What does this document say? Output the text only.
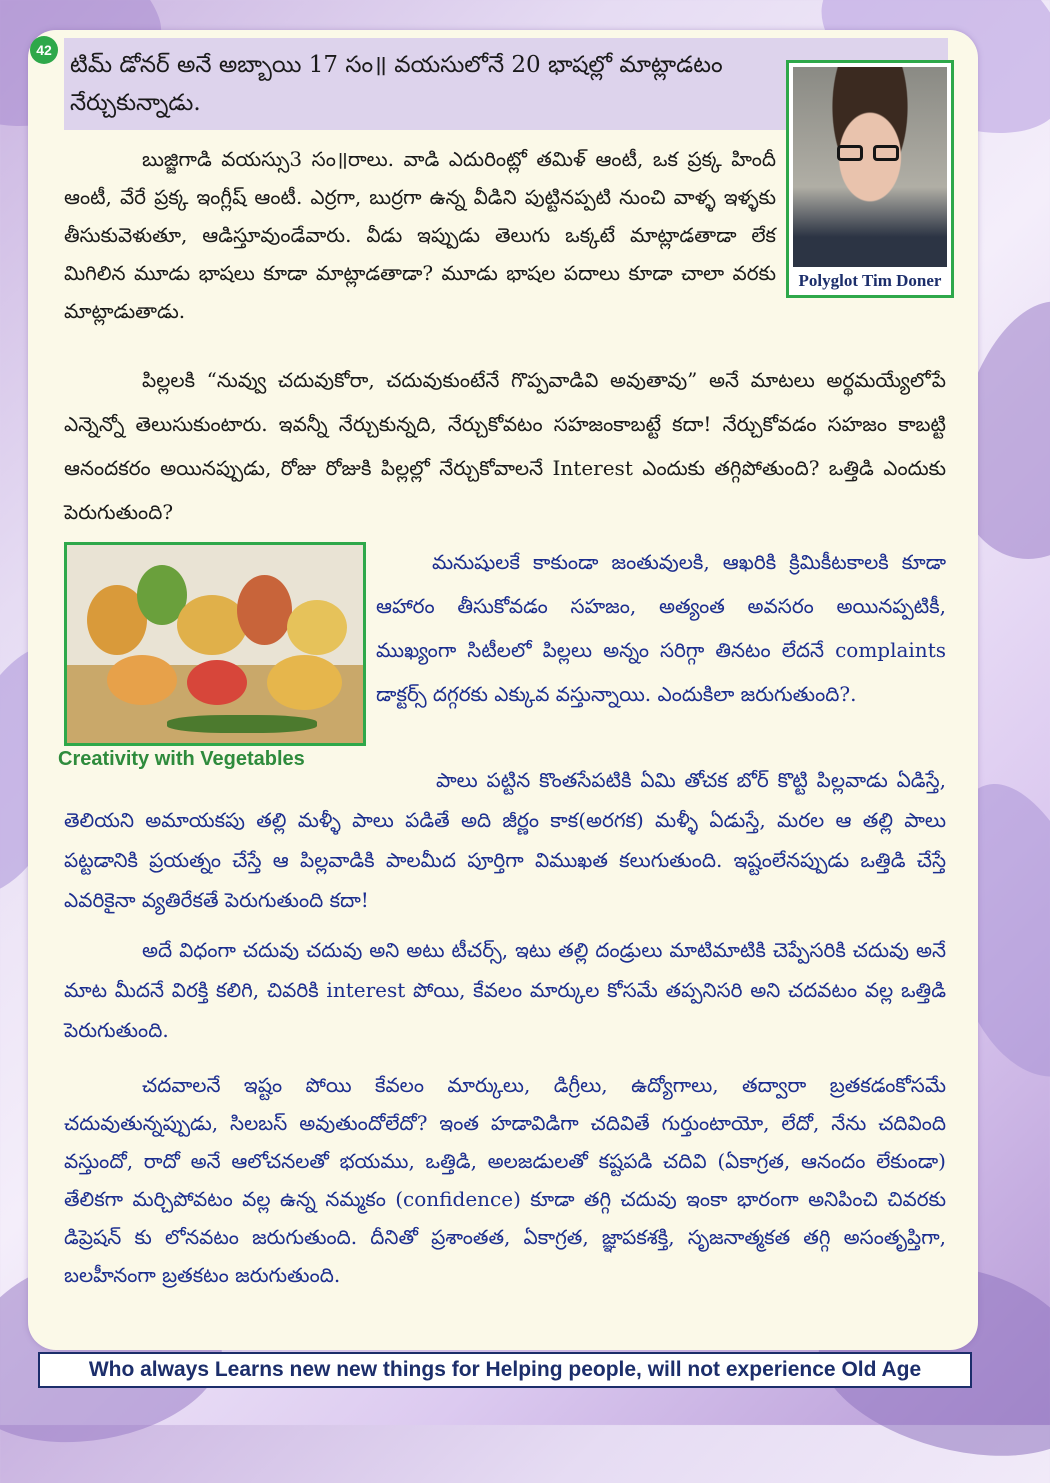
42

టిమ్ డోనర్ అనే అబ్బాయి 17 సం॥ వయసులోనే 20 భాషల్లో మాట్లాడటం నేర్చుకున్నాడు.

Polyglot Tim Doner

బుజ్జిగాడి వయస్సు3 సం॥రాలు. వాడి ఎదురింట్లో తమిళ్ ఆంటీ, ఒక ప్రక్క హిందీ ఆంటీ, వేరే ప్రక్క ఇంగ్లీష్ ఆంటీ. ఎర్రగా, బుర్రగా ఉన్న వీడిని పుట్టినప్పటి నుంచి వాళ్ళ ఇళ్ళకు తీసుకువెళుతూ, ఆడిస్తూవుండేవారు. వీడు ఇప్పుడు తెలుగు ఒక్కటే మాట్లాడతాడా లేక మిగిలిన మూడు భాషలు కూడా మాట్లాడతాడా? మూడు భాషల పదాలు కూడా చాలా వరకు మాట్లాడుతాడు.

పిల్లలకి “నువ్వు చదువుకోరా, చదువుకుంటేనే గొప్పవాడివి అవుతావు” అనే మాటలు అర్థమయ్యేలోపే ఎన్నెన్నో తెలుసుకుంటారు. ఇవన్నీ నేర్చుకున్నది, నేర్చుకోవటం సహజంకాబట్టే కదా! నేర్చుకోవడం సహజం కాబట్టి ఆనందకరం అయినప్పుడు, రోజు రోజుకి పిల్లల్లో నేర్చుకోవాలనే Interest ఎందుకు తగ్గిపోతుంది? ఒత్తిడి ఎందుకు పెరుగుతుంది?

Creativity with Vegetables

మనుషులకే కాకుండా జంతువులకి, ఆఖరికి క్రిమికీటకాలకి కూడా ఆహారం తీసుకోవడం సహజం, అత్యంత అవసరం అయినప్పటికీ, ముఖ్యంగా సిటీలలో పిల్లలు అన్నం సరిగ్గా తినటం లేదనే complaints డాక్టర్స్ దగ్గరకు ఎక్కువ వస్తున్నాయి. ఎందుకిలా జరుగుతుంది?.

పాలు పట్టిన కొంతసేపటికి ఏమి తోచక బోర్ కొట్టి పిల్లవాడు ఏడిస్తే, తెలియని అమాయకపు తల్లి మళ్ళీ పాలు పడితే అది జీర్ణం కాక(అరగక) మళ్ళీ ఏడుస్తే, మరల ఆ తల్లి పాలు పట్టడానికి ప్రయత్నం చేస్తే ఆ పిల్లవాడికి పాలమీద పూర్తిగా విముఖత కలుగుతుంది. ఇష్టంలేనప్పుడు ఒత్తిడి చేస్తే ఎవరికైనా వ్యతిరేకతే పెరుగుతుంది కదా!

అదే విధంగా చదువు చదువు అని అటు టీచర్స్, ఇటు తల్లి దండ్రులు మాటిమాటికి చెప్పేసరికి చదువు అనే మాట మీదనే విరక్తి కలిగి, చివరికి interest పోయి, కేవలం మార్కుల కోసమే తప్పనిసరి అని చదవటం వల్ల ఒత్తిడి పెరుగుతుంది.

చదవాలనే ఇష్టం పోయి కేవలం మార్కులు, డిగ్రీలు, ఉద్యోగాలు, తద్వారా బ్రతకడంకోసమే చదువుతున్నప్పుడు, సిలబస్ అవుతుందోలేదో? ఇంత హడావిడిగా చదివితే గుర్తుంటాయో, లేదో, నేను చదివింది వస్తుందో, రాదో అనే ఆలోచనలతో భయము, ఒత్తిడి, అలజడులతో కష్టపడి చదివి (ఏకాగ్రత, ఆనందం లేకుండా) తేలికగా మర్చిపోవటం వల్ల ఉన్న నమ్మకం (confidence) కూడా తగ్గి చదువు ఇంకా భారంగా అనిపించి చివరకు డిప్రెషన్ కు లోనవటం జరుగుతుంది. దీనితో ప్రశాంతత, ఏకాగ్రత, జ్ఞాపకశక్తి, సృజనాత్మకత తగ్గి అసంతృప్తిగా, బలహీనంగా బ్రతకటం జరుగుతుంది.

Who always Learns new new things for Helping people, will not experience Old Age
